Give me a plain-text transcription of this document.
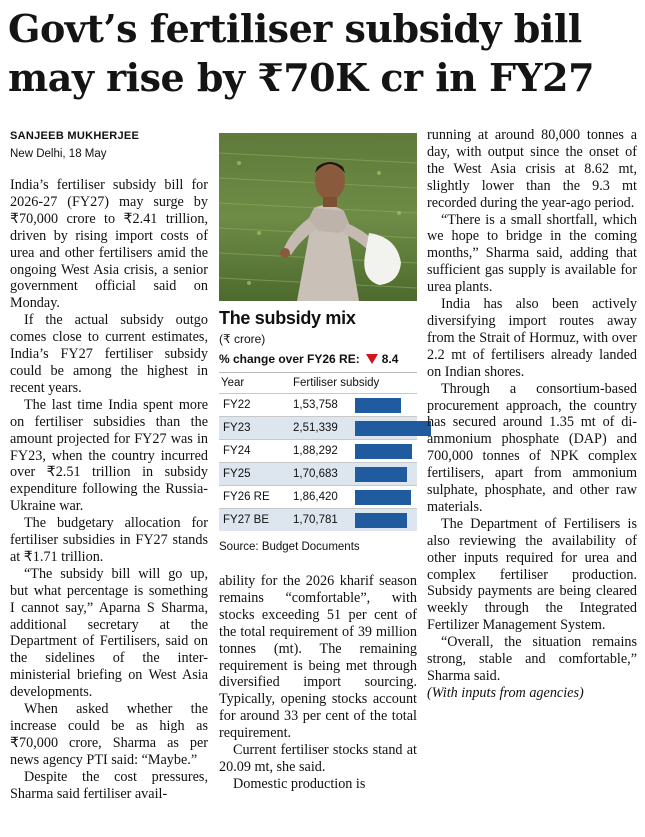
Govt’s fertiliser subsidy bill
may rise by ₹70K cr in FY27
SANJEEB MUKHERJEE
New Delhi, 18 May

India’s fertiliser subsidy bill for 2026-27 (FY27) may surge by ₹70,000 crore to ₹2.41 trillion, driven by rising import costs of urea and other fertilisers amid the ongoing West Asia crisis, a senior government official said on Monday.

If the actual subsidy outgo comes close to current estimates, India’s FY27 fertiliser subsidy could be among the highest in recent years.

The last time India spent more on fertiliser subsidies than the amount projected for FY27 was in FY23, when the country incurred over ₹2.51 trillion in subsidy expenditure following the Russia-Ukraine war.

The budgetary allocation for fertiliser subsidies in FY27 stands at ₹1.71 trillion.

“The subsidy bill will go up, but what percentage is something I cannot say,” Aparna S Sharma, additional secretary at the Department of Fertilisers, said on the sidelines of the inter-ministerial briefing on West Asia developments.

When asked whether the increase could be as high as ₹70,000 crore, Sharma as per news agency PTI said: “Maybe.”

Despite the cost pressures, Sharma said fertiliser avail-

The subsidy mix
(₹ crore)
% change over FY26 RE: 8.4
Year	Fertiliser subsidy
FY22	1,53,758
FY23	2,51,339
FY24	1,88,292
FY25	1,70,683
FY26 RE	1,86,420
FY27 BE	1,70,781
Source: Budget Documents

ability for the 2026 kharif season remains “comfortable”, with stocks exceeding 51 per cent of the total requirement of 39 million tonnes (mt). The remaining requirement is being met through diversified import sourcing. Typically, opening stocks account for around 33 per cent of the total requirement.

Current fertiliser stocks stand at 20.09 mt, she said.

Domestic production is

running at around 80,000 tonnes a day, with output since the onset of the West Asia crisis at 8.62 mt, slightly lower than the 9.3 mt recorded during the year-ago period.

“There is a small shortfall, which we hope to bridge in the coming months,” Sharma said, adding that sufficient gas supply is available for urea plants.

India has also been actively diversifying import routes away from the Strait of Hormuz, with over 2.2 mt of fertilisers already landed on Indian shores.

Through a consortium-based procurement approach, the country has secured around 1.35 mt of di-ammonium phosphate (DAP) and 700,000 tonnes of NPK complex fertilisers, apart from ammonium sulphate, phosphate, and other raw materials.

The Department of Fertilisers is also reviewing the availability of other inputs required for urea and complex fertiliser production. Subsidy payments are being cleared weekly through the Integrated Fertilizer Management System.

“Overall, the situation remains strong, stable and comfortable,” Sharma said.

(With inputs from agencies)
